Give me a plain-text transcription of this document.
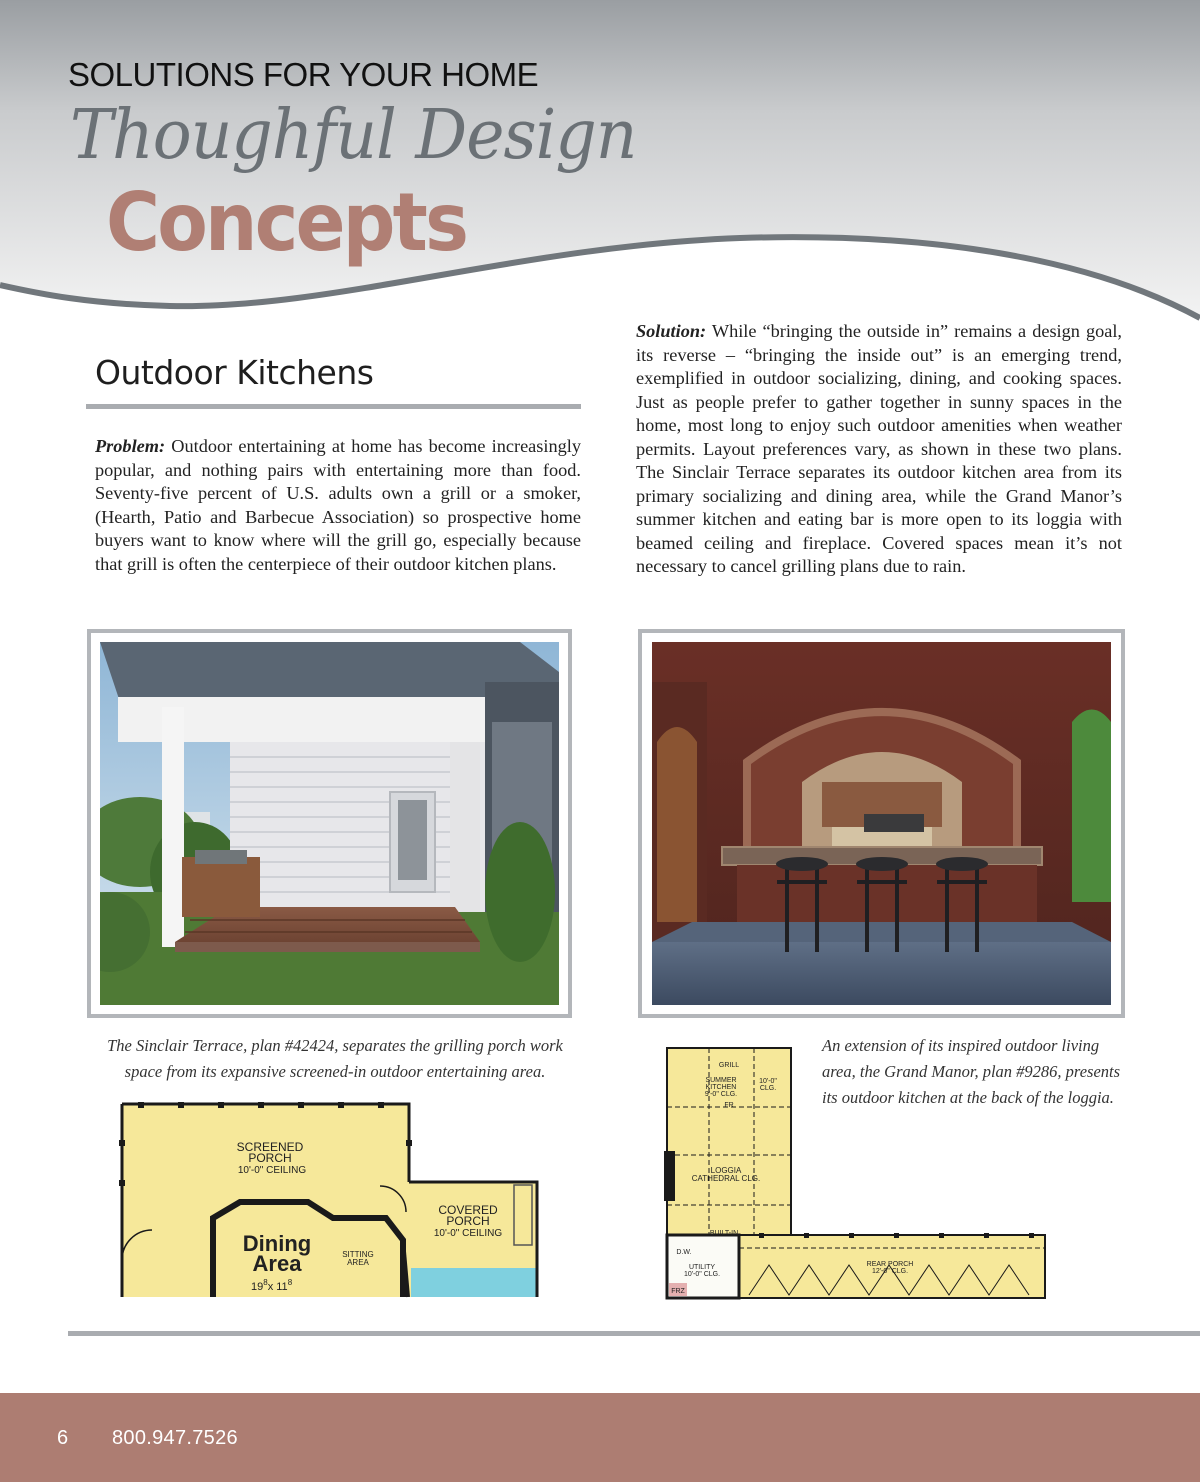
SOLUTIONS FOR YOUR HOME
Thoughful Design
Concepts
Outdoor Kitchens

Problem: Outdoor entertaining at home has become increasingly popular, and nothing pairs with entertaining more than food. Seventy-five percent of U.S. adults own a grill or a smoker, (Hearth, Patio and Barbecue Association) so prospective home buyers want to know where will the grill go, especially because that grill is often the centerpiece of their outdoor kitchen plans.

Solution: While “bringing the outside in” remains a design goal, its reverse – “bringing the inside out” is an emerging trend, exemplified in outdoor socializing, dining, and cooking spaces. Just as people prefer to gather together in sunny spaces in the home, most long to enjoy such outdoor amenities when weather permits. Layout preferences vary, as shown in these two plans. The Sinclair Terrace separates its outdoor kitchen area from its primary socializing and dining area, while the Grand Manor’s summer kitchen and eating bar is more open to its loggia with beamed ceiling and fireplace. Covered spaces mean it’s not necessary to cancel grilling plans due to rain.

The Sinclair Terrace, plan #42424, separates the grilling porch work space from its expansive screened-in outdoor entertaining area.

An extension of its inspired outdoor living area, the Grand Manor, plan #9286, presents its outdoor kitchen at the back of the loggia.

SCREENED
PORCH
10'-0" CEILING
COVERED
PORCH
10'-0" CEILING
Dining
Area
$19^8x$ $11^8$
SITTING
AREA
GRILL
SUMMER
KITCHEN
9'-0" CLG.
10'-0"
CLG.
FR
LOGGIA
CATHEDRAL CLG.
BUILT-IN
D.W.
UTILITY
10'-0" CLG.
FRZ
REAR PORCH
12'-0" CLG.
6 800.947.7526
